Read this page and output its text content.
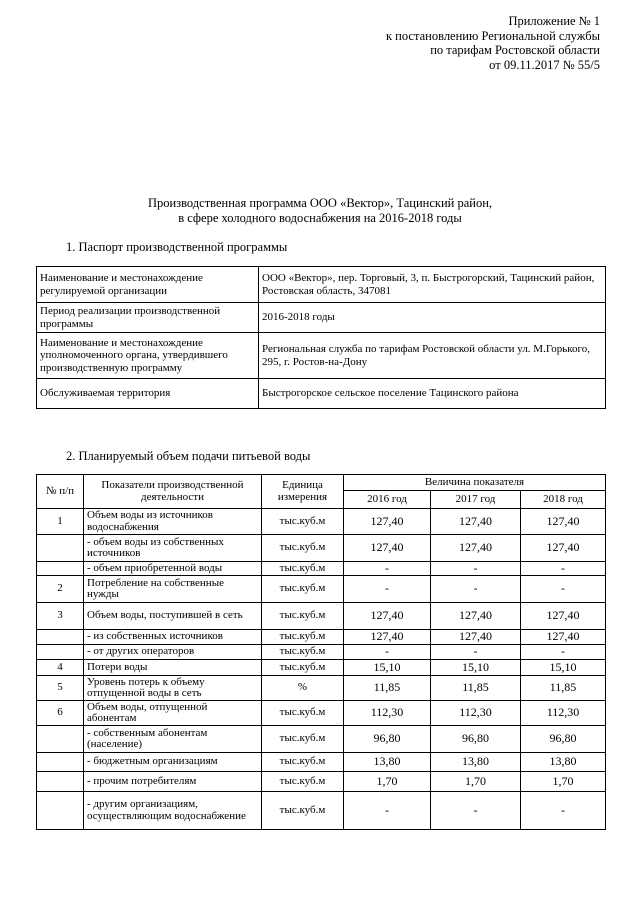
Приложение № 1
к постановлению Региональной службы
по тарифам Ростовской области
от 09.11.2017 № 55/5
Производственная программа ООО «Вектор», Тацинский район,
в сфере холодного водоснабжения на 2016-2018 годы
1. Паспорт производственной программы
Наименование и местонахождение регулируемой организации	ООО «Вектор», пер. Торговый, 3, п. Быстрогорский, Тацинский район, Ростовская область, 347081
Период реализации производственной программы	2016-2018 годы
Наименование и местонахождение уполномоченного органа, утвердившего производственную программу	Региональная служба по тарифам Ростовской области ул. М.Горького, 295, г. Ростов-на-Дону
Обслуживаемая территория	Быстрогорское сельское поселение Тацинского района
2. Планируемый объем подачи питьевой воды
№ п/п	Показатели производственной деятельности	Единица измерения	Величина показателя		
			2016 год	2017 год	2018 год
1	Объем воды из источников водоснабжения	тыс.куб.м	127,40	127,40	127,40
	- объем воды из собственных источников	тыс.куб.м	127,40	127,40	127,40
	- объем приобретенной воды	тыс.куб.м	-	-	-
2	Потребление на собственные нужды	тыс.куб.м	-	-	-
3	Объем воды, поступившей в сеть	тыс.куб.м	127,40	127,40	127,40
	- из собственных источников	тыс.куб.м	127,40	127,40	127,40
	- от других операторов	тыс.куб.м	-	-	-
4	Потери воды	тыс.куб.м	15,10	15,10	15,10
5	Уровень потерь к объему отпущенной воды в сеть	%	11,85	11,85	11,85
6	Объем воды, отпущенной абонентам	тыс.куб.м	112,30	112,30	112,30
	- собственным абонентам (население)	тыс.куб.м	96,80	96,80	96,80
	- бюджетным организациям	тыс.куб.м	13,80	13,80	13,80
	- прочим потребителям	тыс.куб.м	1,70	1,70	1,70
	- другим организациям, осуществляющим водоснабжение	тыс.куб.м	-	-	-
